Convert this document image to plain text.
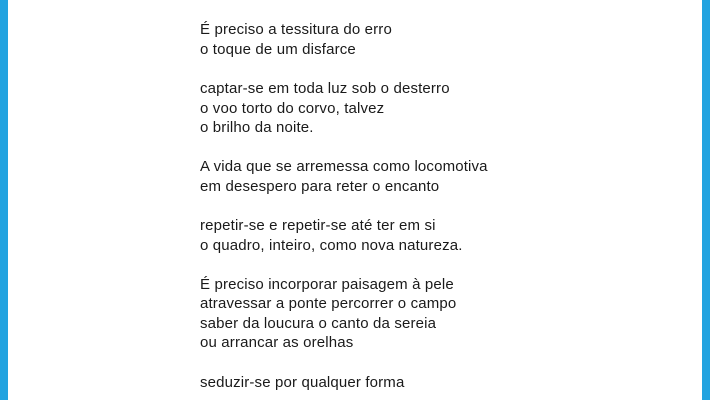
É preciso a tessitura do erro
o toque de um disfarce
captar-se em toda luz sob o desterro
o voo torto do corvo, talvez
o brilho da noite.
A vida que se arremessa como locomotiva
em desespero para reter o encanto
repetir-se e repetir-se até ter em si
o quadro, inteiro, como nova natureza.
É preciso incorporar paisagem à pele
atravessar a ponte percorrer o campo
saber da loucura o canto da sereia
ou arrancar as orelhas
seduzir-se por qualquer forma
